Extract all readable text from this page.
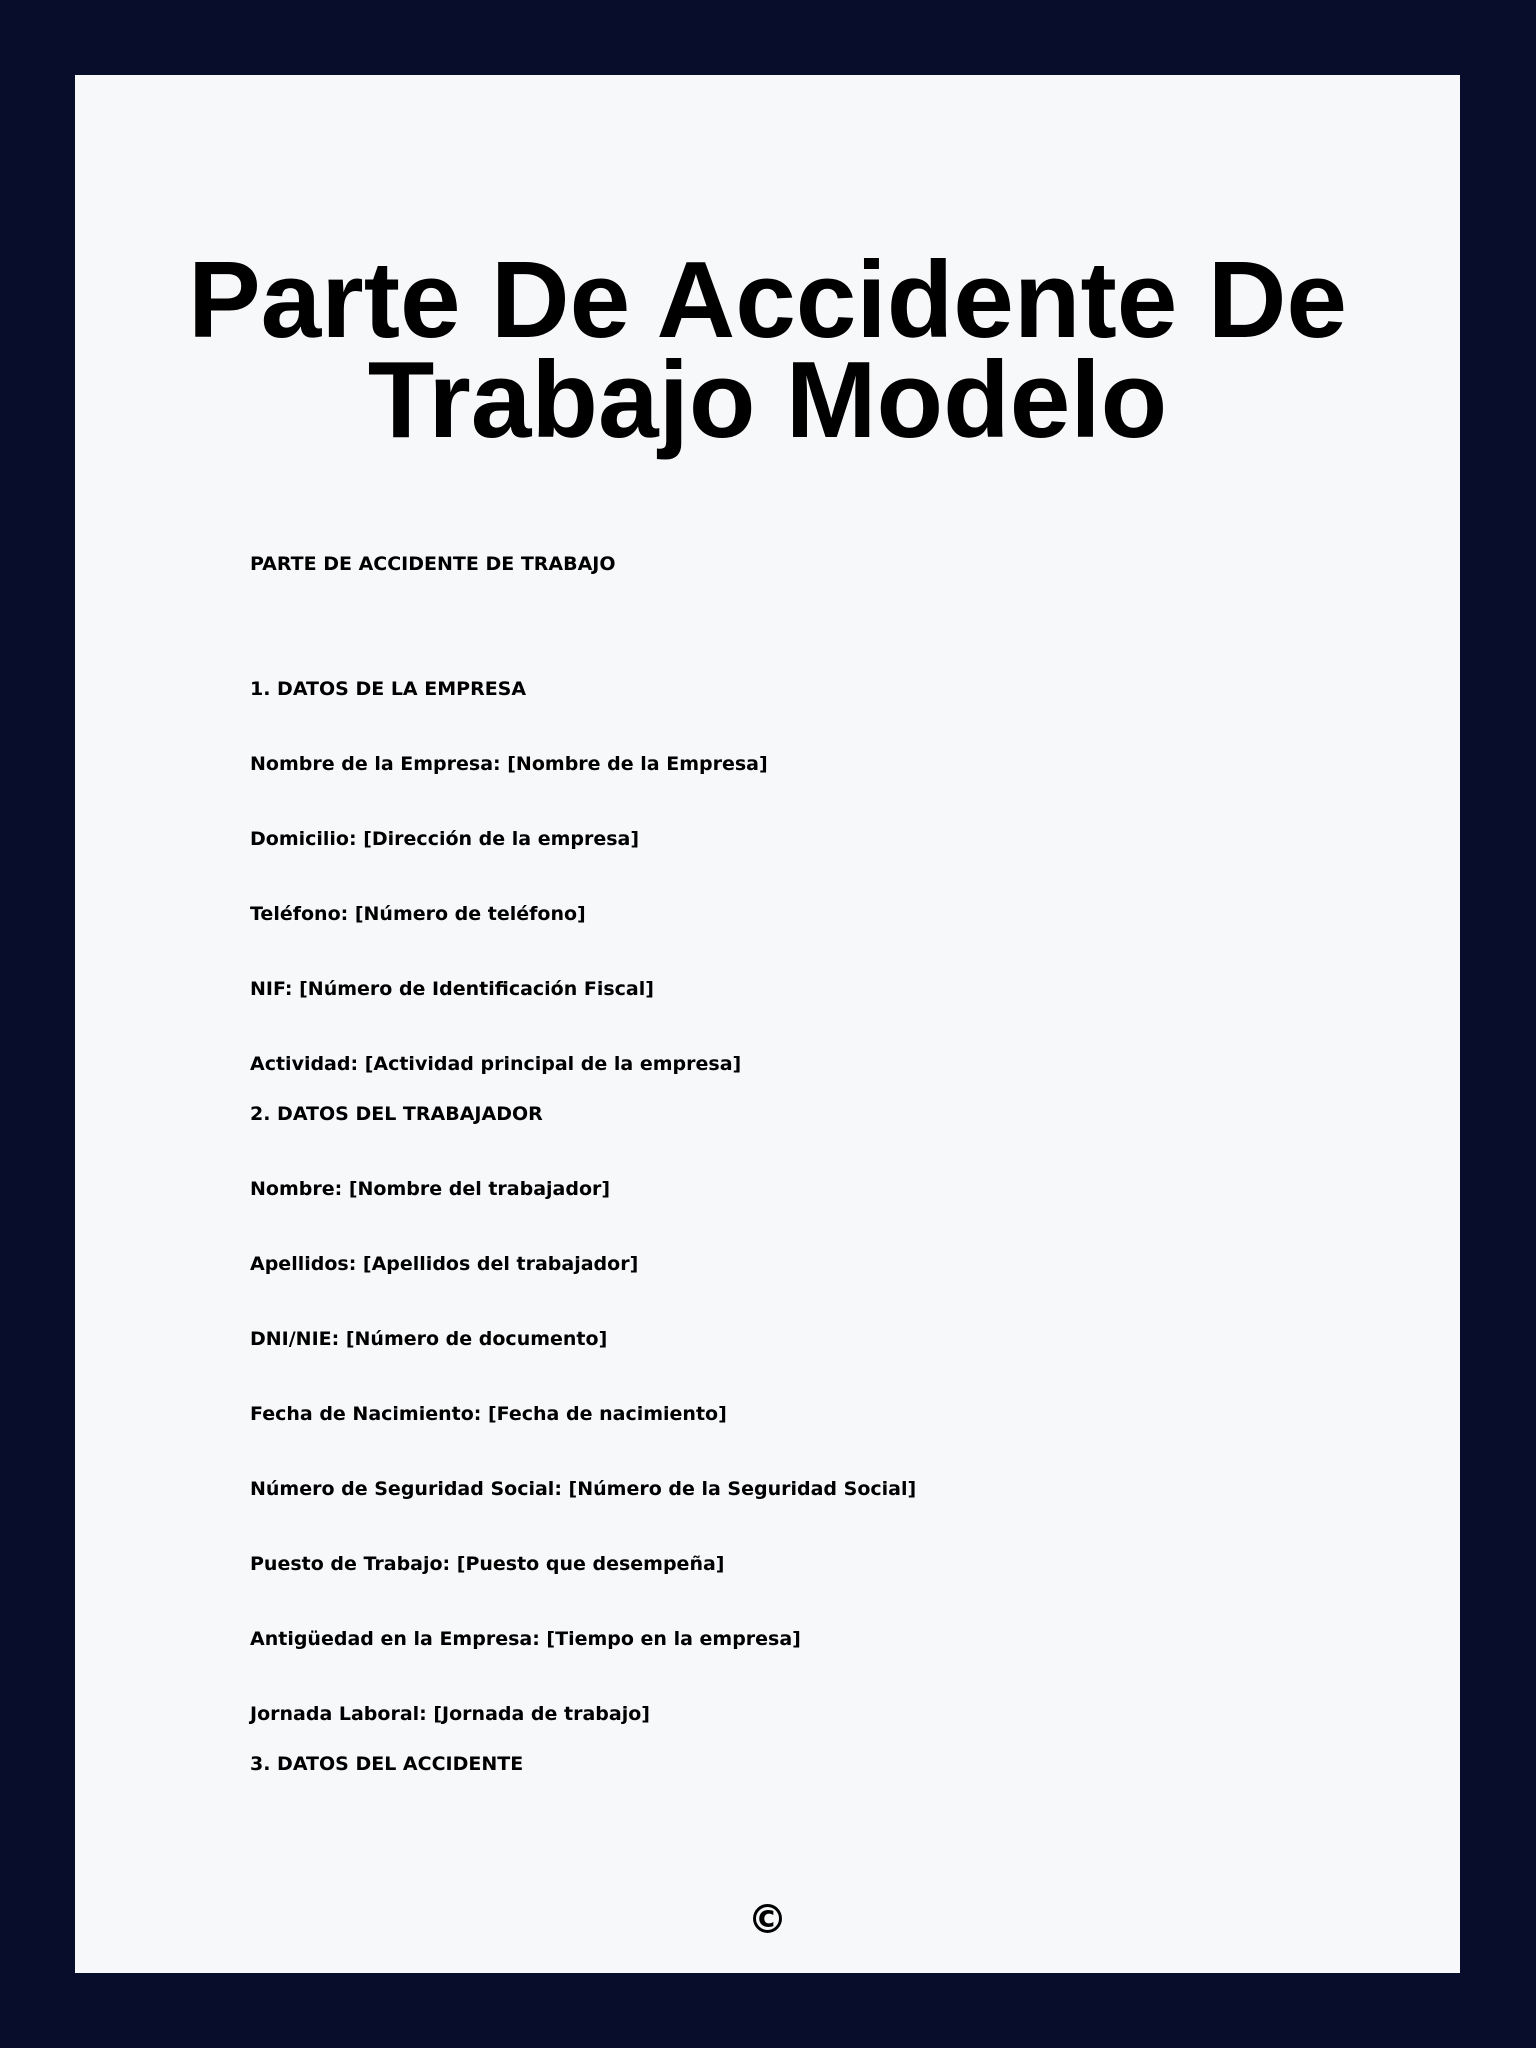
Parte De Accidente De Trabajo Modelo
PARTE DE ACCIDENTE DE TRABAJO
1. DATOS DE LA EMPRESA
Nombre de la Empresa: [Nombre de la Empresa]
Domicilio: [Dirección de la empresa]
Teléfono: [Número de teléfono]
NIF: [Número de Identificación Fiscal]
Actividad: [Actividad principal de la empresa]
2. DATOS DEL TRABAJADOR
Nombre: [Nombre del trabajador]
Apellidos: [Apellidos del trabajador]
DNI/NIE: [Número de documento]
Fecha de Nacimiento: [Fecha de nacimiento]
Número de Seguridad Social: [Número de la Seguridad Social]
Puesto de Trabajo: [Puesto que desempeña]
Antigüedad en la Empresa: [Tiempo en la empresa]
Jornada Laboral: [Jornada de trabajo]
3. DATOS DEL ACCIDENTE
©
